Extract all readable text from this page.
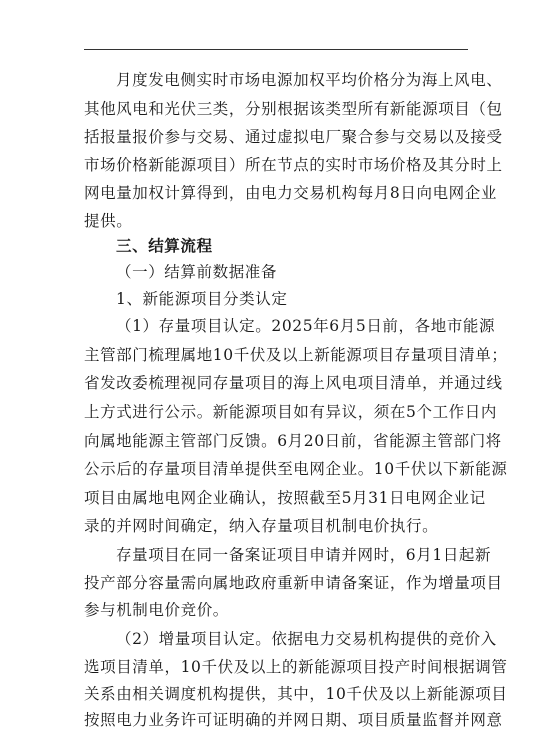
月度发电侧实时市场电源加权平均价格分为海上风电、
其他风电和光伏三类，分别根据该类型所有新能源项目（包
括报量报价参与交易、通过虚拟电厂聚合参与交易以及接受
市场价格新能源项目）所在节点的实时市场价格及其分时上
网电量加权计算得到，由电力交易机构每月8日向电网企业
提供。
三、结算流程
（一）结算前数据准备
1、新能源项目分类认定
（1）存量项目认定。2025年6月5日前，各地市能源
主管部门梳理属地10千伏及以上新能源项目存量项目清单；
省发改委梳理视同存量项目的海上风电项目清单，并通过线
上方式进行公示。新能源项目如有异议，须在5个工作日内
向属地能源主管部门反馈。6月20日前，省能源主管部门将
公示后的存量项目清单提供至电网企业。10千伏以下新能源
项目由属地电网企业确认，按照截至5月31日电网企业记
录的并网时间确定，纳入存量项目机制电价执行。
存量项目在同一备案证项目申请并网时，6月1日起新
投产部分容量需向属地政府重新申请备案证，作为增量项目
参与机制电价竞价。
（2）增量项目认定。依据电力交易机构提供的竞价入
选项目清单，10千伏及以上的新能源项目投产时间根据调管
关系由相关调度机构提供，其中，10千伏及以上新能源项目
按照电力业务许可证明确的并网日期、项目质量监督并网意
